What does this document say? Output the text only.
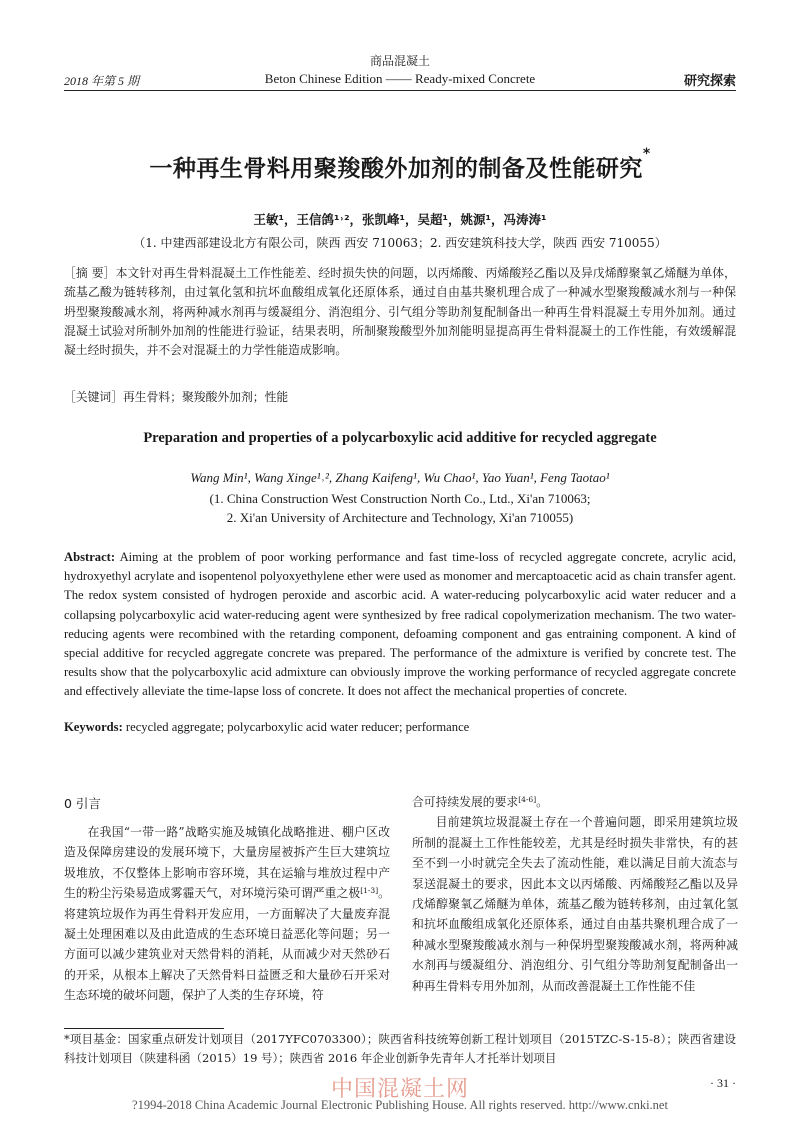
商品混凝土
2018 年第 5 期	Beton Chinese Edition —— Ready-mixed Concrete	研究探索
一种再生骨料用聚羧酸外加剂的制备及性能研究*
王敏¹，王信鸽¹˒²，张凯峰¹，吴超¹，姚源¹，冯涛涛¹
（1. 中建西部建设北方有限公司，陕西 西安 710063；2. 西安建筑科技大学，陕西 西安 710055）
［摘 要］本文针对再生骨料混凝土工作性能差、经时损失快的问题，以丙烯酸、丙烯酸羟乙酯以及异戊烯醇聚氧乙烯醚为单体，巯基乙酸为链转移剂，由过氧化氢和抗坏血酸组成氧化还原体系，通过自由基共聚机理合成了一种减水型聚羧酸减水剂与一种保坍型聚羧酸减水剂，将两种减水剂再与缓凝组分、消泡组分、引气组分等助剂复配制备出一种再生骨料混凝土专用外加剂。通过混凝土试验对所制外加剂的性能进行验证，结果表明，所制聚羧酸型外加剂能明显提高再生骨料混凝土的工作性能，有效缓解混凝土经时损失，并不会对混凝土的力学性能造成影响。
［关键词］再生骨料；聚羧酸外加剂；性能
Preparation and properties of a polycarboxylic acid additive for recycled aggregate
Wang Min¹, Wang Xinge¹˒², Zhang Kaifeng¹, Wu Chao¹, Yao Yuan¹, Feng Taotao¹
(1. China Construction West Construction North Co., Ltd., Xi'an 710063;
2. Xi'an University of Architecture and Technology, Xi'an 710055)
Abstract: Aiming at the problem of poor working performance and fast time-loss of recycled aggregate concrete, acrylic acid, hydroxyethyl acrylate and isopentenol polyoxyethylene ether were used as monomer and mercaptoacetic acid as chain transfer agent. The redox system consisted of hydrogen peroxide and ascorbic acid. A water-reducing polycarboxylic acid water reducer and a collapsing polycarboxylic acid water-reducing agent were synthesized by free radical copolymerization mechanism. The two water-reducing agents were recombined with the retarding component, defoaming component and gas entraining component. A kind of special additive for recycled aggregate concrete was prepared. The performance of the admixture is verified by concrete test. The results show that the polycarboxylic acid admixture can obviously improve the working performance of recycled aggregate concrete and effectively alleviate the time-lapse loss of concrete. It does not affect the mechanical properties of concrete.
Keywords: recycled aggregate; polycarboxylic acid water reducer; performance
0 引言
在我国“一带一路”战略实施及城镇化战略推进、棚户区改造及保障房建设的发展环境下，大量房屋被拆产生巨大建筑垃圾堆放，不仅整体上影响市容环境，其在运输与堆放过程中产生的粉尘污染易造成雾霾天气，对环境污染可谓严重之极[1-3]。将建筑垃圾作为再生骨料开发应用，一方面解决了大量废弃混凝土处理困难以及由此造成的生态环境日益恶化等问题；另一方面可以减少建筑业对天然骨料的消耗，从而减少对天然砂石的开采，从根本上解决了天然骨料日益匮乏和大量砂石开采对生态环境的破坏问题，保护了人类的生存环境，符
合可持续发展的要求[4-6]。
目前建筑垃圾混凝土存在一个普遍问题，即采用建筑垃圾所制的混凝土工作性能较差，尤其是经时损失非常快，有的甚至不到一小时就完全失去了流动性能，难以满足目前大流态与泵送混凝土的要求，因此本文以丙烯酸、丙烯酸羟乙酯以及异戊烯醇聚氧乙烯醚为单体，巯基乙酸为链转移剂，由过氧化氢和抗坏血酸组成氧化还原体系，通过自由基共聚机理合成了一种减水型聚羧酸减水剂与一种保坍型聚羧酸减水剂，将两种减水剂再与缓凝组分、消泡组分、引气组分等助剂复配制备出一种再生骨料专用外加剂，从而改善混凝土工作性能不佳
*项目基金：国家重点研发计划项目（2017YFC0703300）；陕西省科技统筹创新工程计划项目（2015TZC-S-15-8）；陕西省建设科技计划项目（陕建科函（2015）19 号）；陕西省 2016 年企业创新争先青年人才托举计划项目
中国混凝土网	· 31 ·
?1994-2018 China Academic Journal Electronic Publishing House. All rights reserved. http://www.cnki.net
